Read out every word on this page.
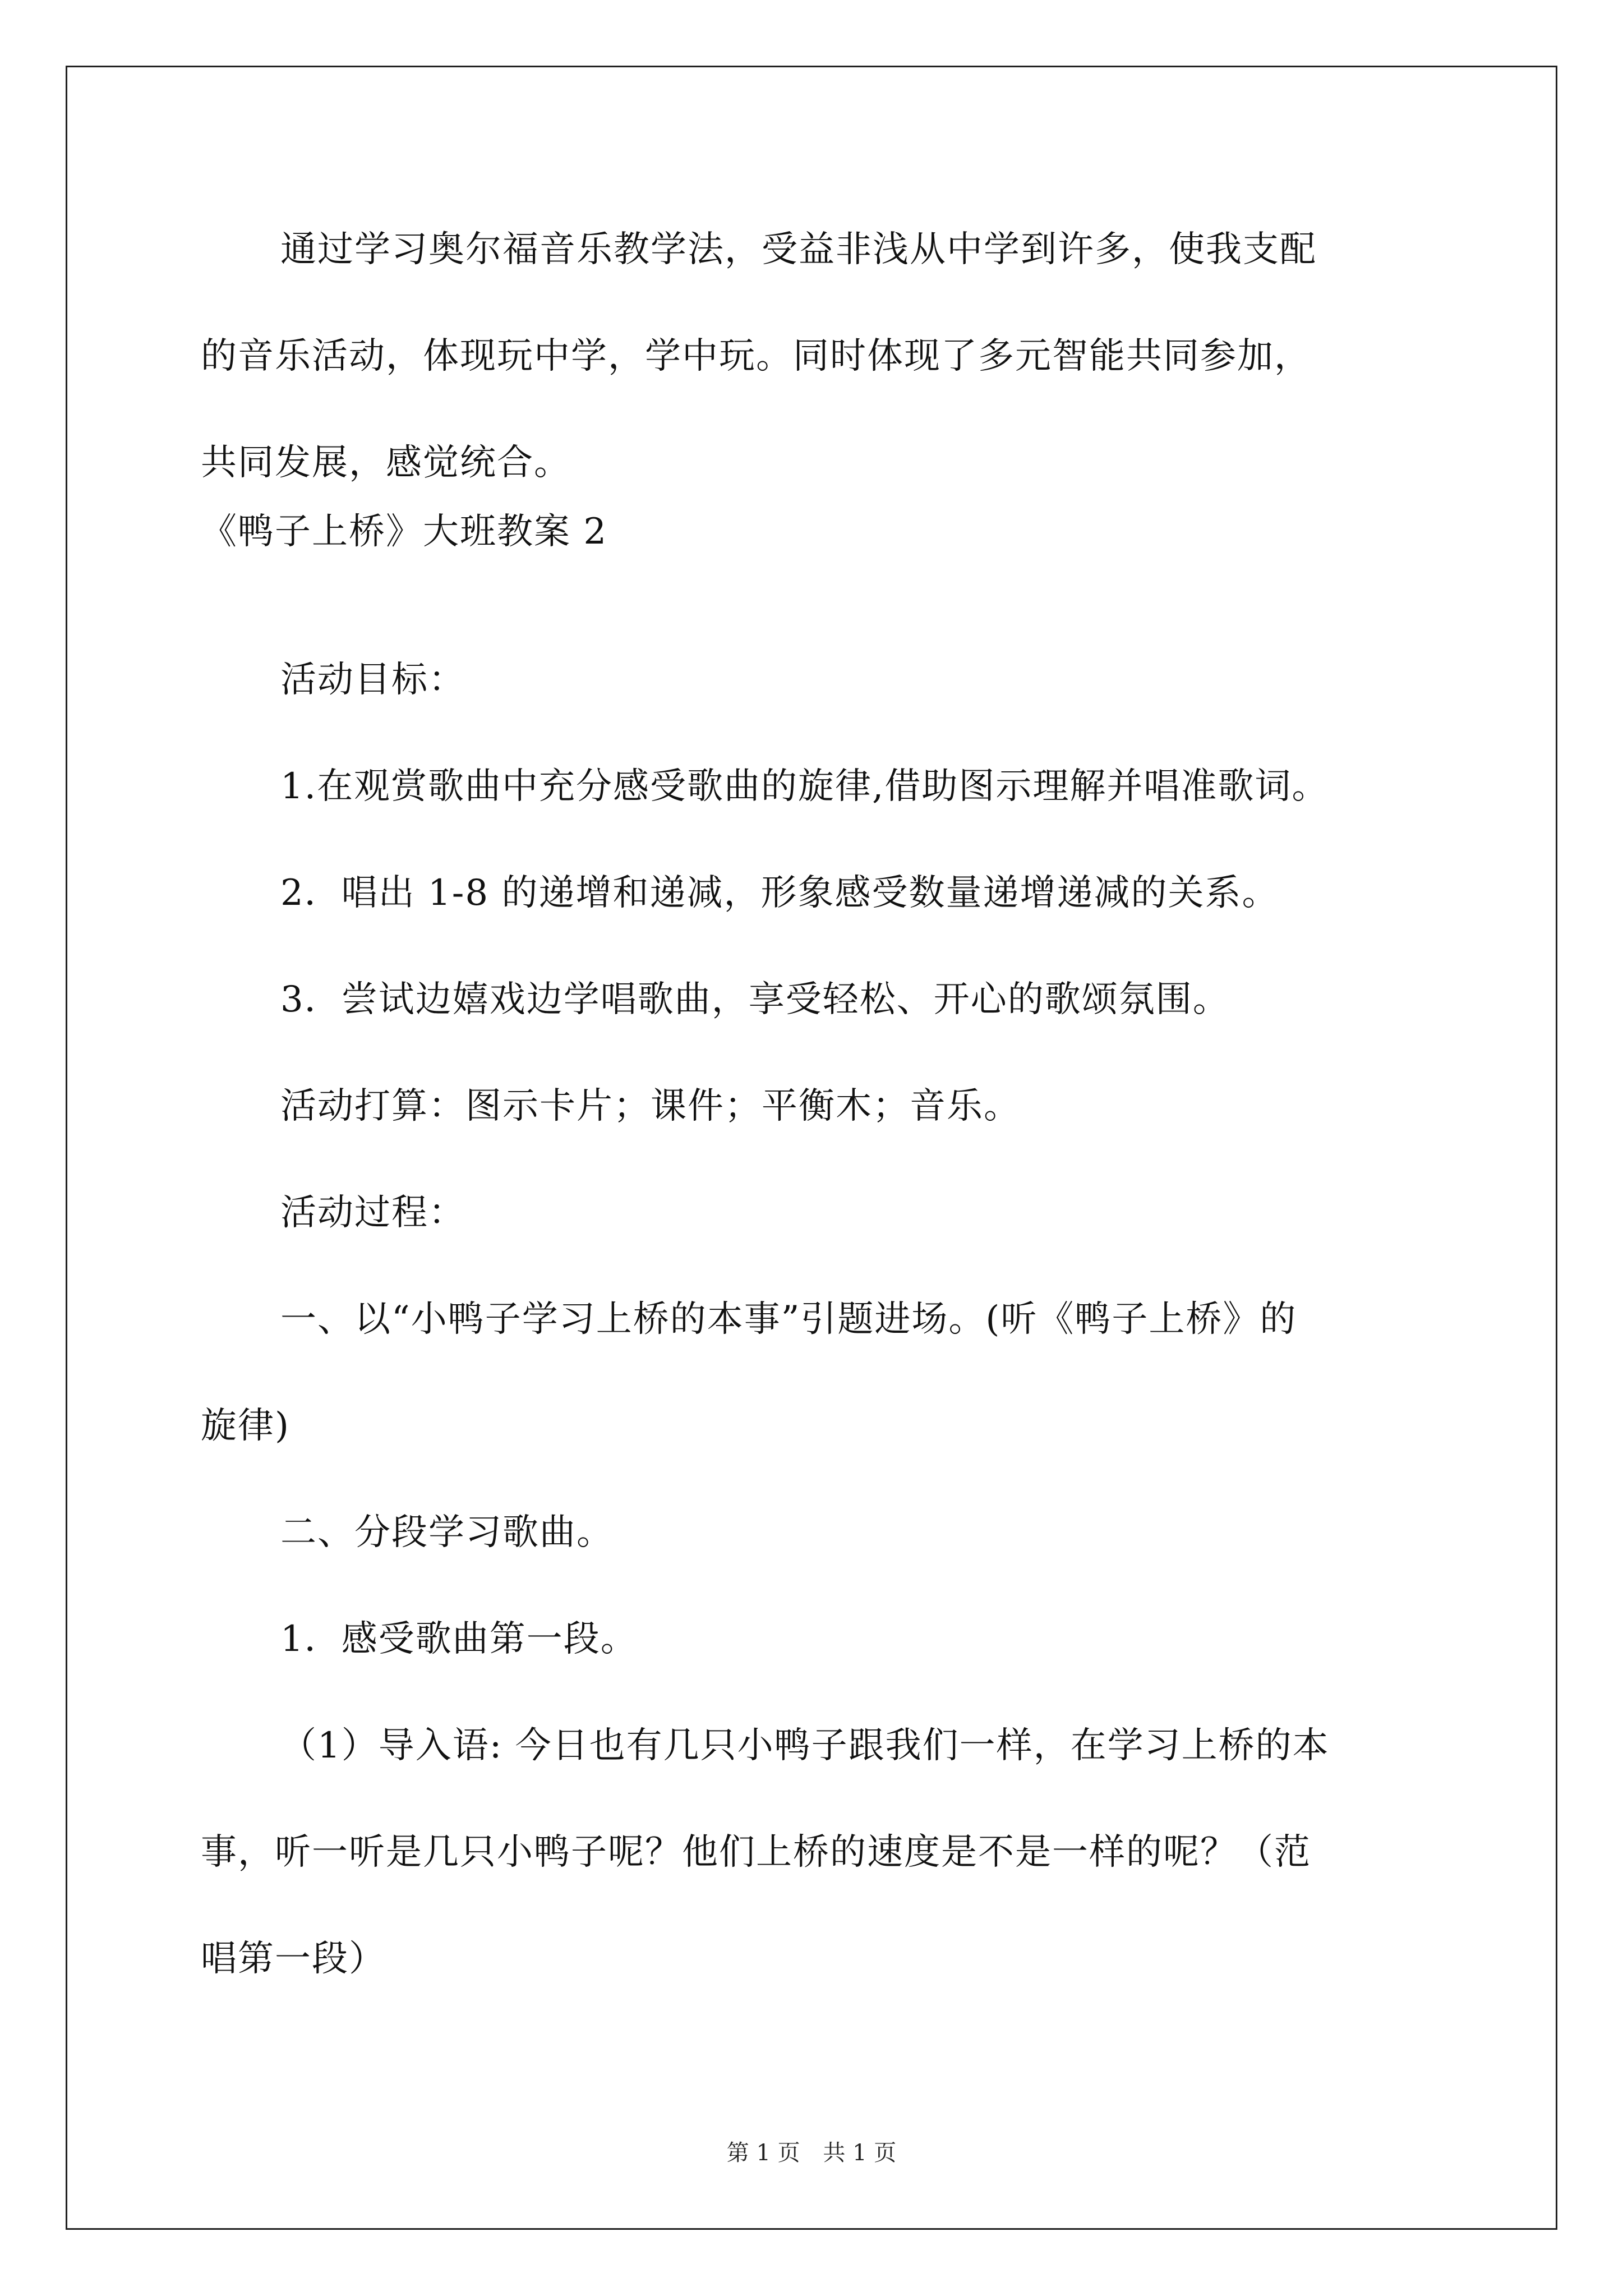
通过学习奥尔福音乐教学法，受益非浅从中学到许多，使我支配
的音乐活动，体现玩中学，学中玩。同时体现了多元智能共同参加，
共同发展，感觉统合。
《鸭子上桥》大班教案 2
活动目标：
1.在观赏歌曲中充分感受歌曲的旋律,借助图示理解并唱准歌词。
2．唱出 1-8 的递增和递减，形象感受数量递增递减的关系。
3．尝试边嬉戏边学唱歌曲，享受轻松、开心的歌颂氛围。
活动打算：图示卡片；课件；平衡木；音乐。
活动过程：
一、以“小鸭子学习上桥的本事”引题进场。(听《鸭子上桥》的
旋律)
二、分段学习歌曲。
1．感受歌曲第一段。
（1）导入语: 今日也有几只小鸭子跟我们一样，在学习上桥的本
事，听一听是几只小鸭子呢？他们上桥的速度是不是一样的呢？（范
唱第一段）
第 1 页 共 1 页
